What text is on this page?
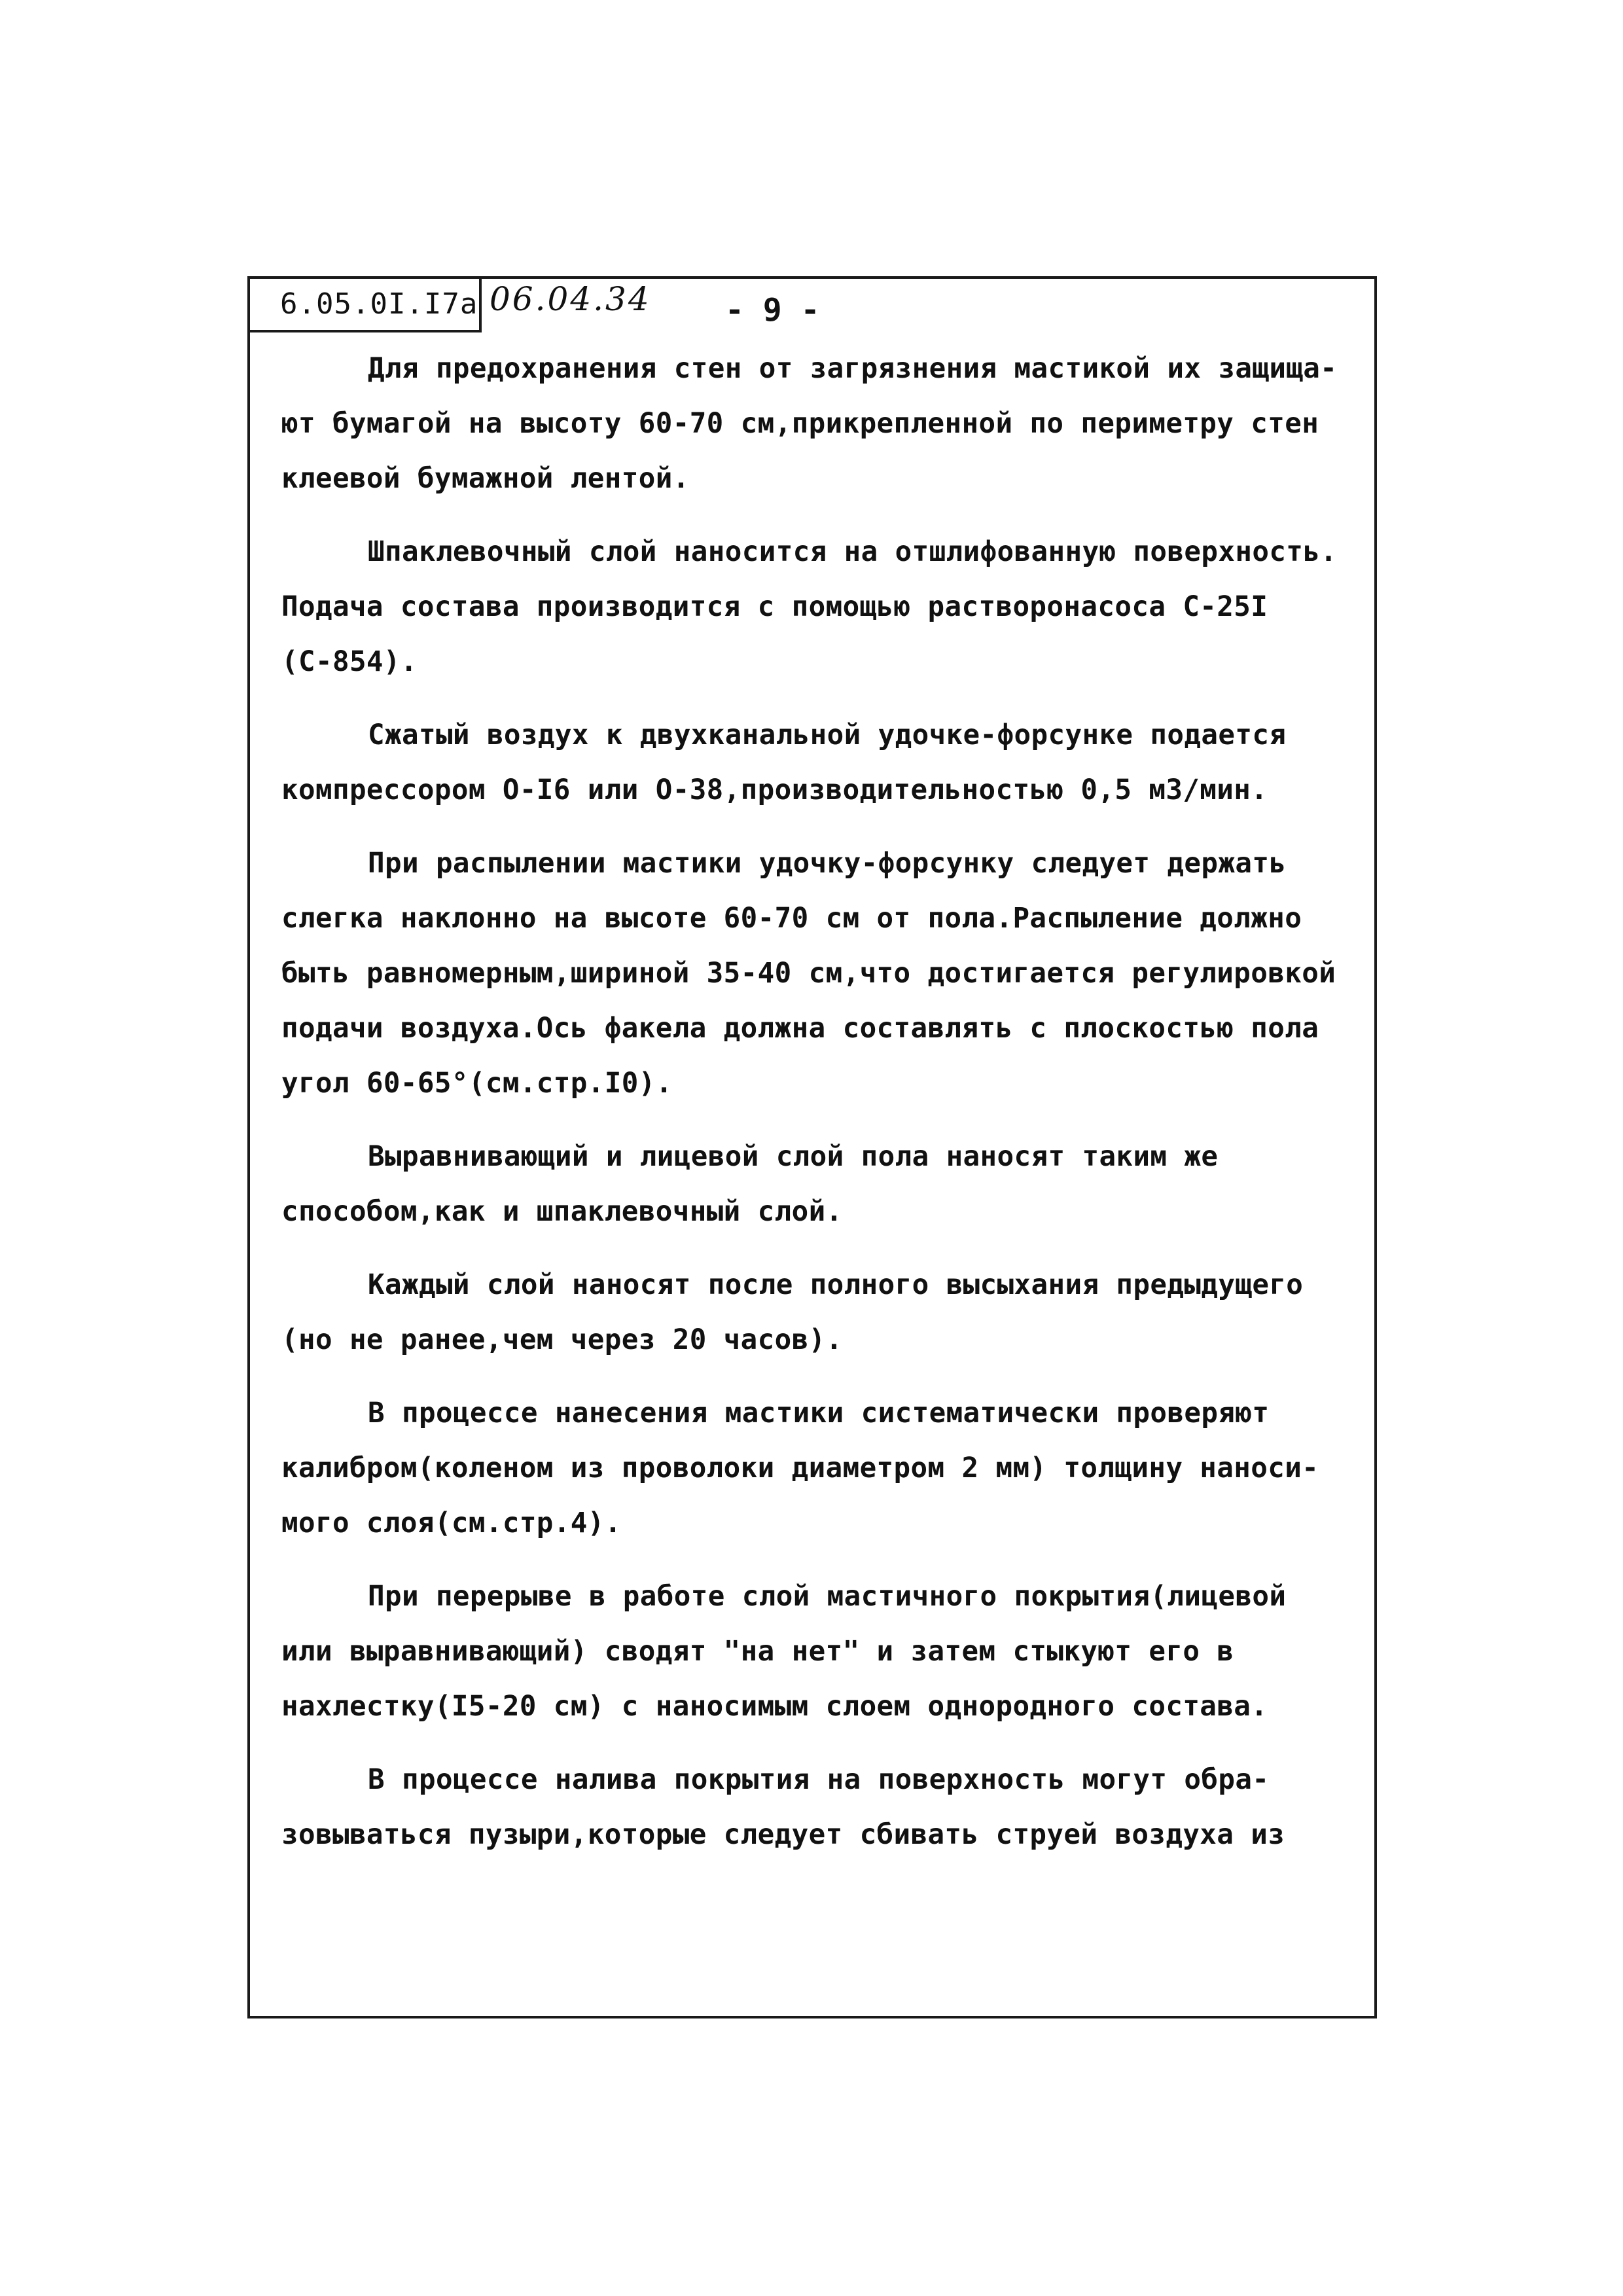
6.05.0I.I7a 06.04.34 - 9 -
Для предохранения стен от загрязнения мастикой их защища-
ют бумагой на высоту 60-70 см,прикрепленной по периметру стен
клеевой бумажной лентой.
Шпаклевочный слой наносится на отшлифованную поверхность.
Подача состава производится с помощью растворонасоса С-25I
(С-854).
Сжатый воздух к двухканальной удочке-форсунке подается
компрессором О-I6 или О-38,производительностью 0,5 м3/мин.
При распылении мастики удочку-форсунку следует держать
слегка наклонно на высоте 60-70 см от пола.Распыление должно
быть равномерным,шириной 35-40 см,что достигается регулировкой
подачи воздуха.Ось факела должна составлять с плоскостью пола
угол 60-65°(см.стр.I0).
Выравнивающий и лицевой слой пола наносят таким же
способом,как и шпаклевочный слой.
Каждый слой наносят после полного высыхания предыдущего
(но не ранее,чем через 20 часов).
В процессе нанесения мастики систематически проверяют
калибром(коленом из проволоки диаметром 2 мм) толщину наноси-
мого слоя(см.стр.4).
При перерыве в работе слой мастичного покрытия(лицевой
или выравнивающий) сводят "на нет" и затем стыкуют его в
нахлестку(I5-20 см) с наносимым слоем однородного состава.
В процессе налива покрытия на поверхность могут обра-
зовываться пузыри,которые следует сбивать струей воздуха из
